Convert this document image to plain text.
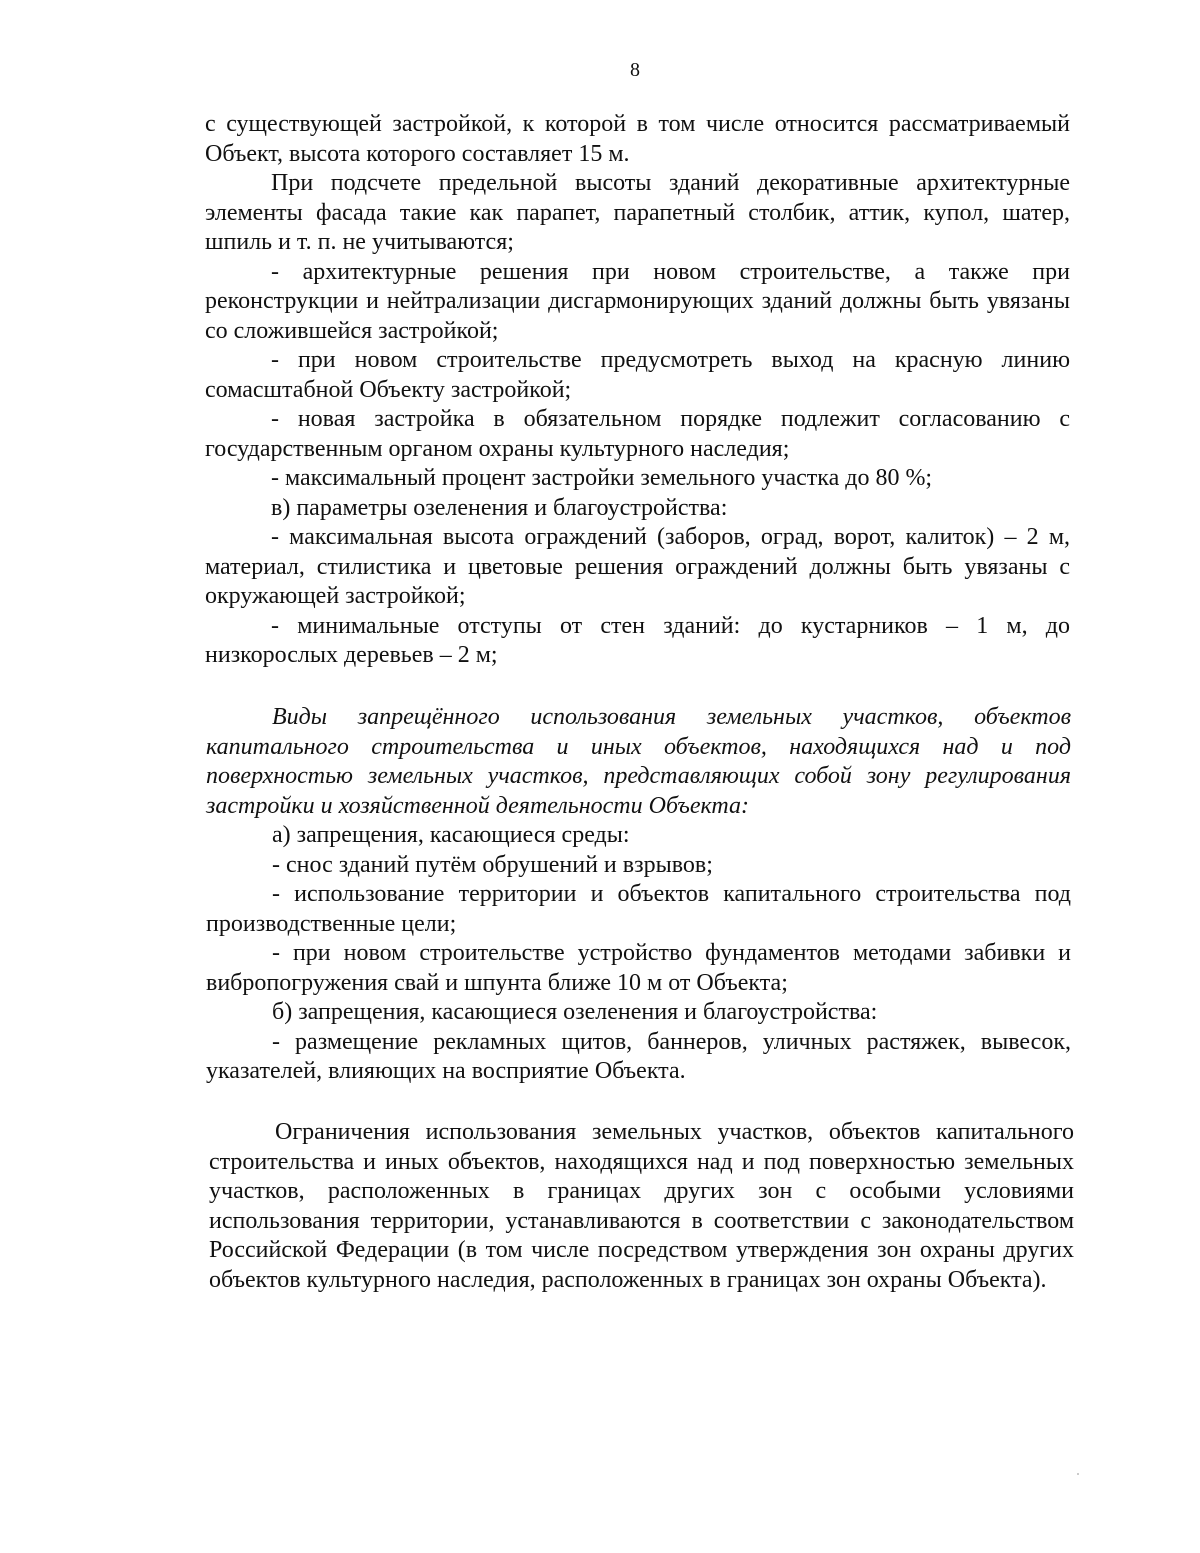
8

с существующей застройкой, к которой в том числе относится рассматриваемый Объект, высота которого составляет 15 м.

При подсчете предельной высоты зданий декоративные архитектурные элементы фасада такие как парапет, парапетный столбик, аттик, купол, шатер, шпиль и т. п. не учитываются;

- архитектурные решения при новом строительстве, а также при реконструкции и нейтрализации дисгармонирующих зданий должны быть увязаны со сложившейся застройкой;

- при новом строительстве предусмотреть выход на красную линию сомасштабной Объекту застройкой;

- новая застройка в обязательном порядке подлежит согласованию с государственным органом охраны культурного наследия;

- максимальный процент застройки земельного участка до 80 %;

в) параметры озеленения и благоустройства:

- максимальная высота ограждений (заборов, оград, ворот, калиток) – 2 м, материал, стилистика и цветовые решения ограждений должны быть увязаны с окружающей застройкой;

- минимальные отступы от стен зданий: до кустарников – 1 м, до низкорослых деревьев – 2 м;

Виды запрещённого использования земельных участков, объектов капитального строительства и иных объектов, находящихся над и под поверхностью земельных участков, представляющих собой зону регулирования застройки и хозяйственной деятельности Объекта:

а) запрещения, касающиеся среды:

- снос зданий путём обрушений и взрывов;

- использование территории и объектов капитального строительства под производственные цели;

- при новом строительстве устройство фундаментов методами забивки и вибропогружения свай и шпунта ближе 10 м от Объекта;

б) запрещения, касающиеся озеленения и благоустройства:

- размещение рекламных щитов, баннеров, уличных растяжек, вывесок, указателей, влияющих на восприятие Объекта.

Ограничения использования земельных участков, объектов капитального строительства и иных объектов, находящихся над и под поверхностью земельных участков, расположенных в границах других зон с особыми условиями использования территории, устанавливаются в соответствии с законодательством Российской Федерации (в том числе посредством утверждения зон охраны других объектов культурного наследия, расположенных в границах зон охраны Объекта).
